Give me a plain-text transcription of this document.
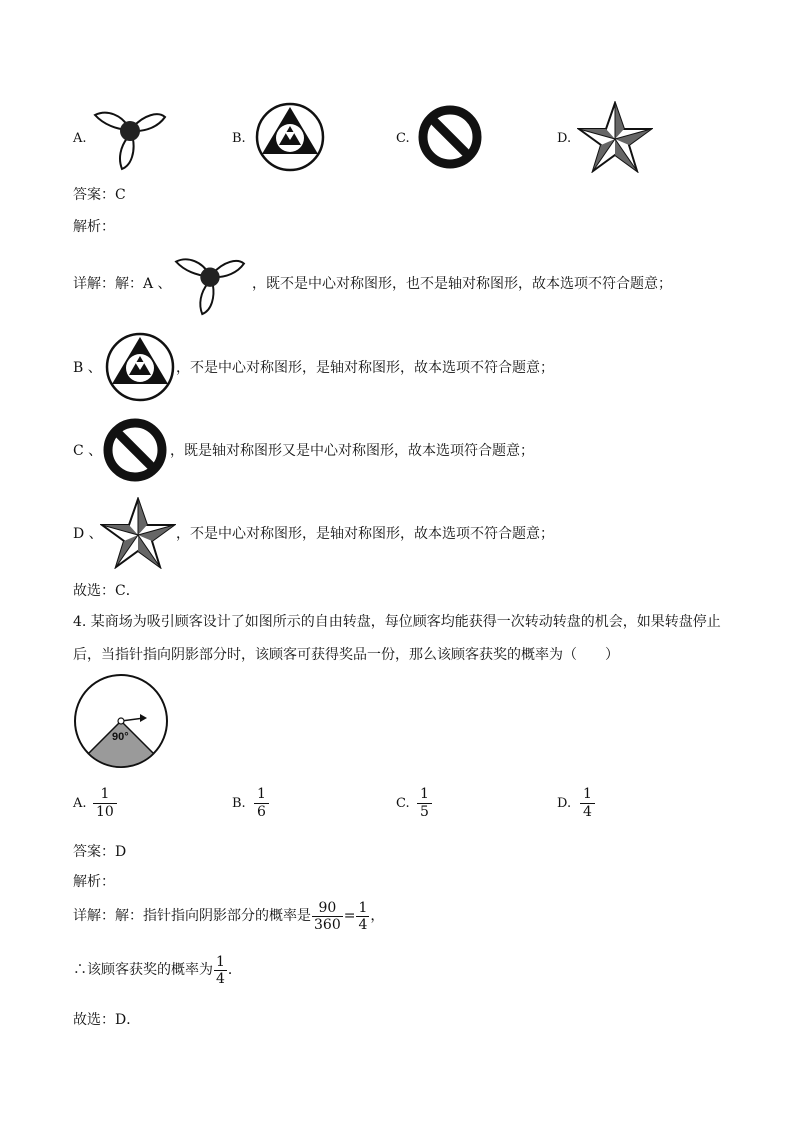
A.	B.	C.	D.
答案：C
解析：
详解：解：A 、	，既不是中心对称图形，也不是轴对称图形，故本选项不符合题意；
B 、	，不是中心对称图形，是轴对称图形，故本选项不符合题意；
C 、	，既是轴对称图形又是中心对称图形，故本选项符合题意；
D 、	，不是中心对称图形，是轴对称图形，故本选项不符合题意；
故选：C．
4. 某商场为吸引顾客设计了如图所示的自由转盘，每位顾客均能获得一次转动转盘的机会，如果转盘停止
后，当指针指向阴影部分时，该顾客可获得奖品一份，那么该顾客获奖的概率为（　　）
90°
A. $\frac{1}{10}$	B. $\frac{1}{6}$	C. $\frac{1}{5}$	D. $\frac{1}{4}$
答案：D
解析：
详解：解：指针指向阴影部分的概率是 $\frac{90}{360} = \frac{1}{4}$ ，
∴该顾客获奖的概率为 $\frac{1}{4}$ ．
故选：D．
